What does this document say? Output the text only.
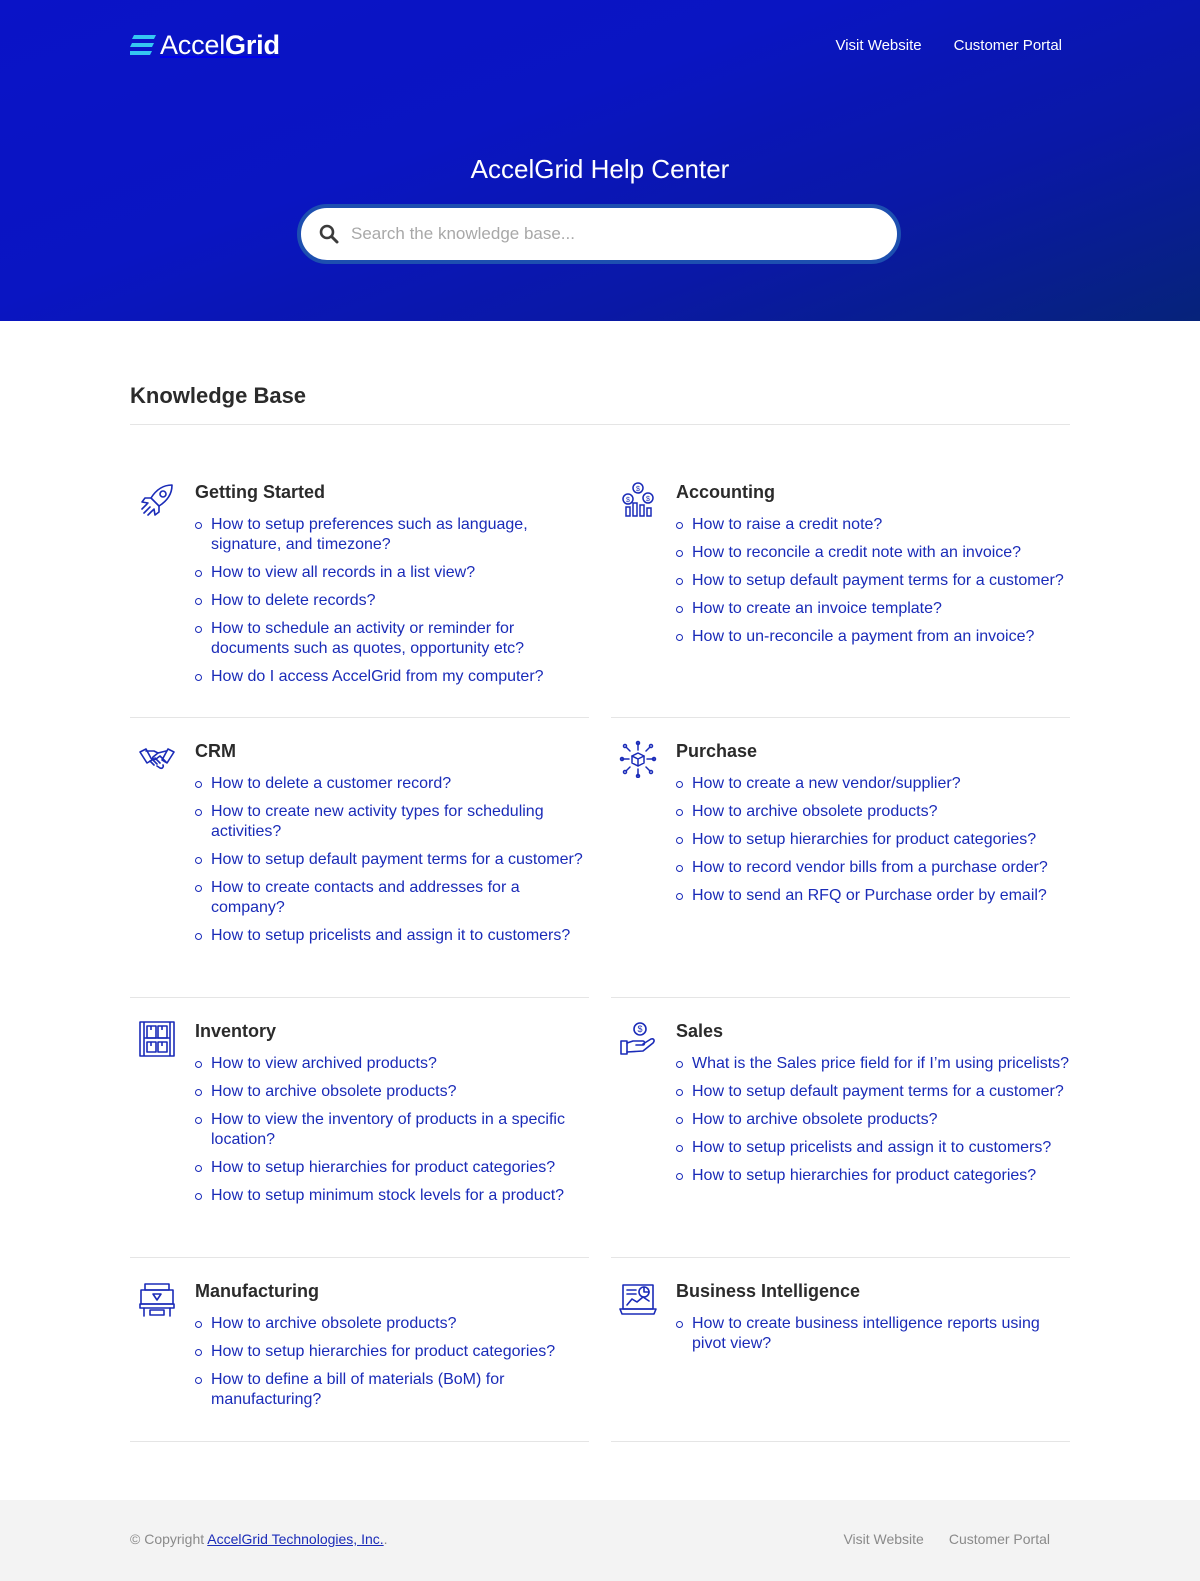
AccelGrid	Visit Website Customer Portal
AccelGrid Help Center
Search the knowledge base...
Knowledge Base
Getting Started
How to setup preferences such as language, signature, and timezone?
How to view all records in a list view?
How to delete records?
How to schedule an activity or reminder for documents such as quotes, opportunity etc?
How do I access AccelGrid from my computer?
$
$ $ Accounting
How to raise a credit note?
How to reconcile a credit note with an invoice?
How to setup default payment terms for a customer?
How to create an invoice template?
How to un-reconcile a payment from an invoice?
CRM
How to delete a customer record?
How to create new activity types for scheduling activities?
How to setup default payment terms for a customer?
How to create contacts and addresses for a company?
How to setup pricelists and assign it to customers?
Purchase
How to create a new vendor/supplier?
How to archive obsolete products?
How to setup hierarchies for product categories?
How to record vendor bills from a purchase order?
How to send an RFQ or Purchase order by email?
Inventory
How to view archived products?
How to archive obsolete products?
How to view the inventory of products in a specific location?
How to setup hierarchies for product categories?
How to setup minimum stock levels for a product?
$ Sales
What is the Sales price field for if I’m using pricelists?
How to setup default payment terms for a customer?
How to archive obsolete products?
How to setup pricelists and assign it to customers?
How to setup hierarchies for product categories?
Manufacturing
How to archive obsolete products?
How to setup hierarchies for product categories?
How to define a bill of materials (BoM) for manufacturing?
Business Intelligence
How to create business intelligence reports using pivot view?
© Copyright AccelGrid Technologies, Inc..	Visit Website Customer Portal
